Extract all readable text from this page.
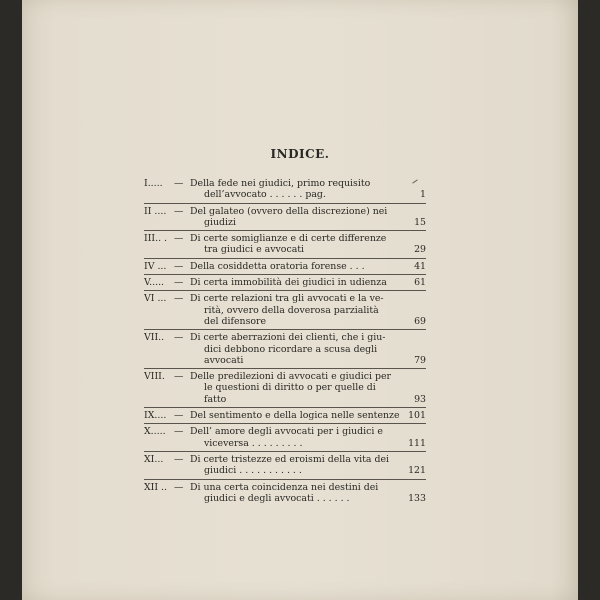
INDICE.
I.....	— Della fede nei giudici, primo requisito
dell’avvocato . . . . . . pag.	1
II .... — Del galateo (ovvero della discrezione) nei
giudizi	15
III.. . — Di certe somiglianze e di certe differenze
tra giudici e avvocati	29
IV ... — Della cosiddetta oratoria forense . . .	41
V.....	— Di certa immobilità dei giudici in udienza	61
VI ... — Di certe relazioni tra gli avvocati e la ve-
rità, ovvero della doverosa parzialità
del difensore	69
VII..	— Di certe aberrazioni dei clienti, che i giu-
dici debbono ricordare a scusa degli
avvocati	79
VIII. — Delle predilezioni di avvocati e giudici per
le questioni di diritto o per quelle di
fatto	93
IX.... — Del sentimento e della logica nelle sentenze 101
X..... — Dell’ amore degli avvocati per i giudici e
viceversa . . . . . . . . .	111
XI...	— Di certe tristezze ed eroismi della vita dei
giudici . . . . . . . . . . .	121
XII .. — Di una certa coincidenza nei destini dei
giudici e degli avvocati . . . . . .	133
